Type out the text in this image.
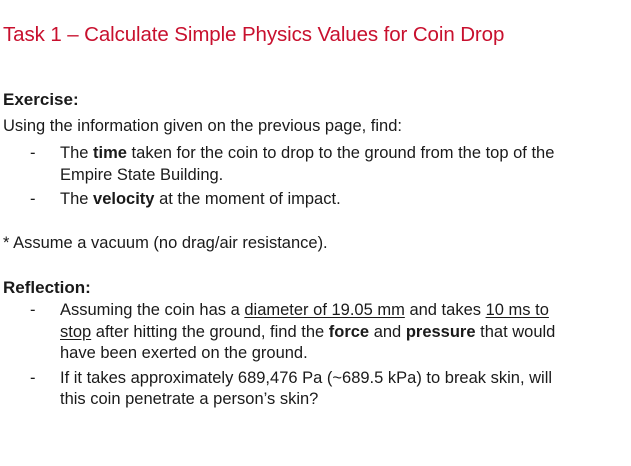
Task 1 – Calculate Simple Physics Values for Coin Drop
Exercise:

Using the information given on the previous page, find:

- The time taken for the coin to drop to the ground from the top of the
Empire State Building.
- The velocity at the moment of impact.

* Assume a vacuum (no drag/air resistance).

Reflection:
- Assuming the coin has a diameter of 19.05 mm and takes 10 ms to
stop after hitting the ground, find the force and pressure that would
have been exerted on the ground.
- If it takes approximately 689,476 Pa (~689.5 kPa) to break skin, will
this coin penetrate a person’s skin?
